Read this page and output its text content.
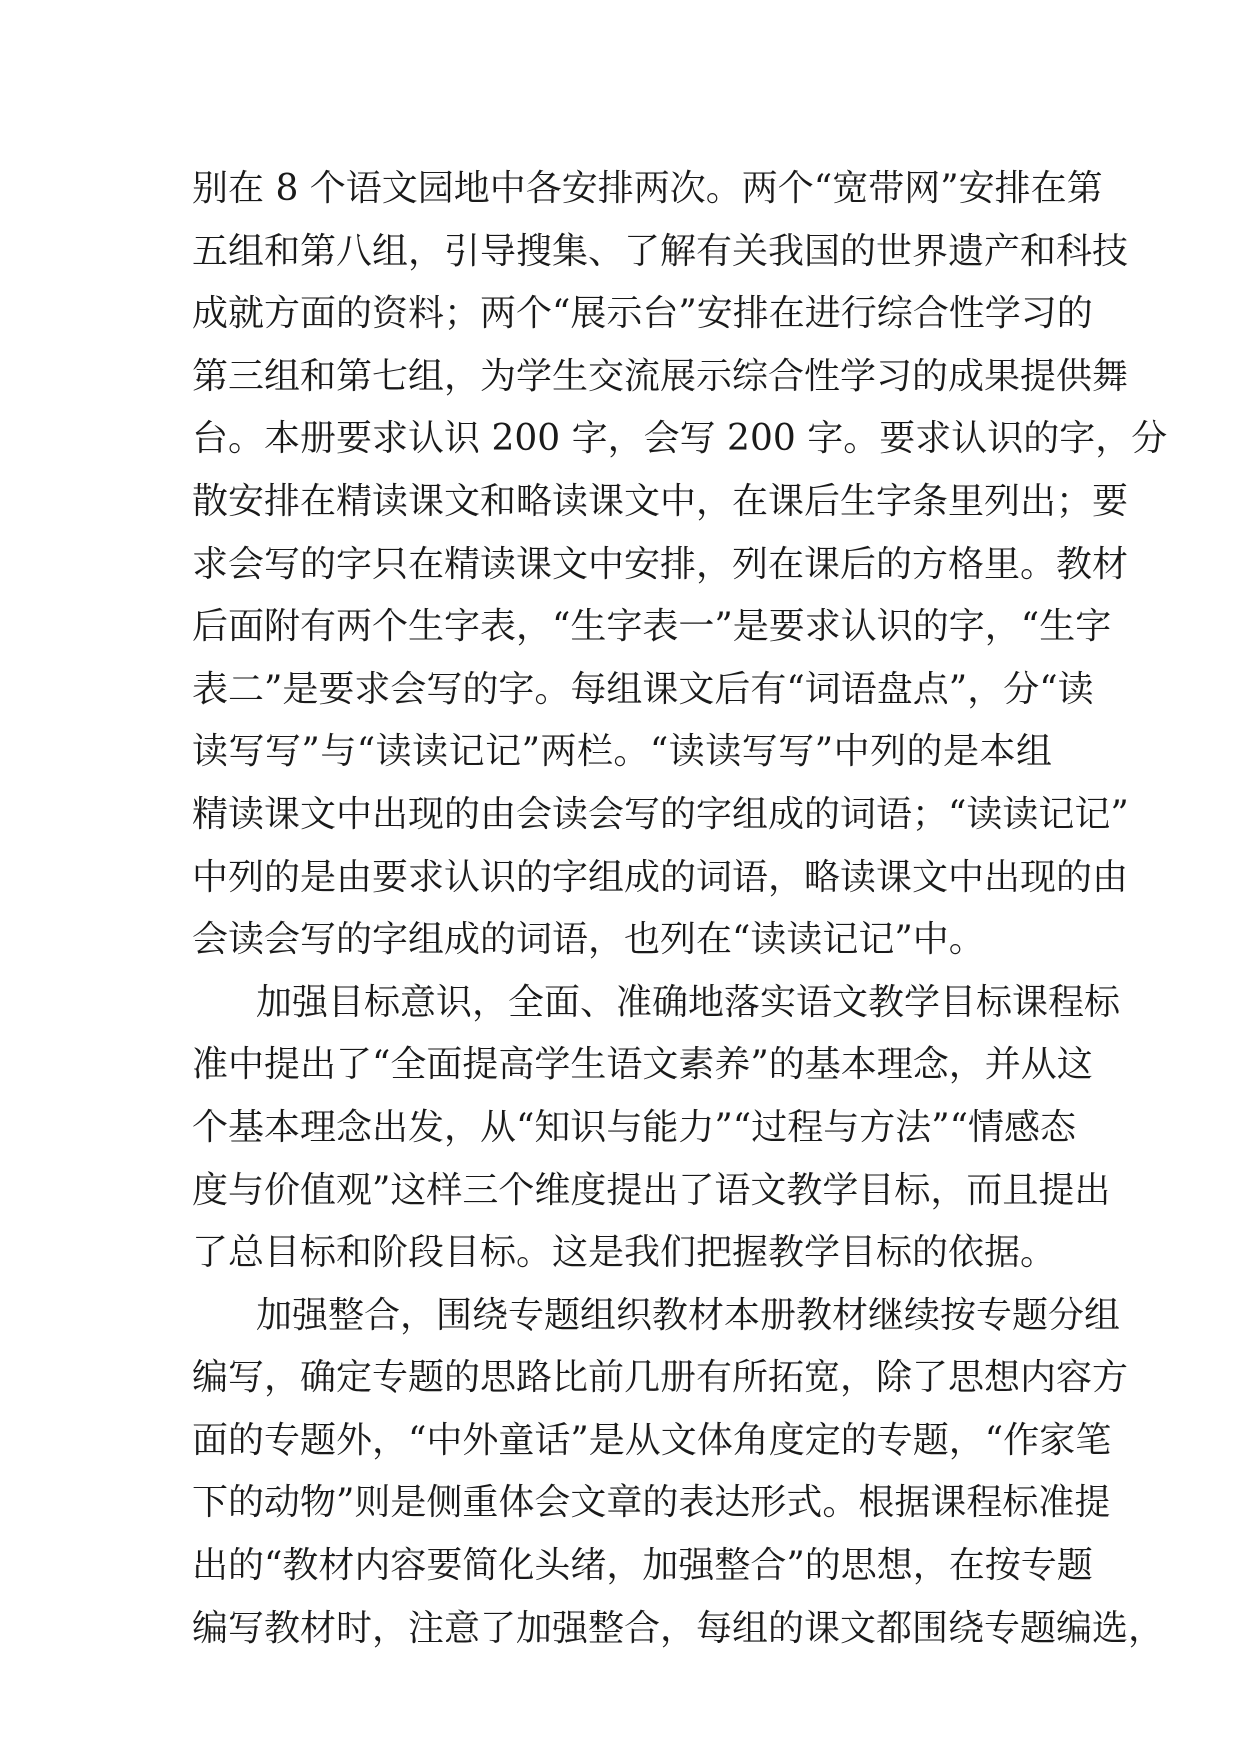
别在 8 个语文园地中各安排两次。两个“宽带网”安排在第
五组和第八组，引导搜集、了解有关我国的世界遗产和科技
成就方面的资料；两个“展示台”安排在进行综合性学习的
第三组和第七组，为学生交流展示综合性学习的成果提供舞
台。本册要求认识 200 字，会写 200 字。要求认识的字，分
散安排在精读课文和略读课文中，在课后生字条里列出；要
求会写的字只在精读课文中安排，列在课后的方格里。教材
后面附有两个生字表，“生字表一”是要求认识的字，“生字
表二”是要求会写的字。每组课文后有“词语盘点”，分“读
读写写”与“读读记记”两栏。“读读写写”中列的是本组
精读课文中出现的由会读会写的字组成的词语；“读读记记”
中列的是由要求认识的字组成的词语，略读课文中出现的由
会读会写的字组成的词语，也列在“读读记记”中。
加强目标意识，全面、准确地落实语文教学目标课程标
准中提出了“全面提高学生语文素养”的基本理念，并从这
个基本理念出发，从“知识与能力”“过程与方法”“情感态
度与价值观”这样三个维度提出了语文教学目标，而且提出
了总目标和阶段目标。这是我们把握教学目标的依据。
加强整合，围绕专题组织教材本册教材继续按专题分组
编写，确定专题的思路比前几册有所拓宽，除了思想内容方
面的专题外，“中外童话”是从文体角度定的专题，“作家笔
下的动物”则是侧重体会文章的表达形式。根据课程标准提
出的“教材内容要简化头绪，加强整合”的思想，在按专题
编写教材时，注意了加强整合，每组的课文都围绕专题编选，
